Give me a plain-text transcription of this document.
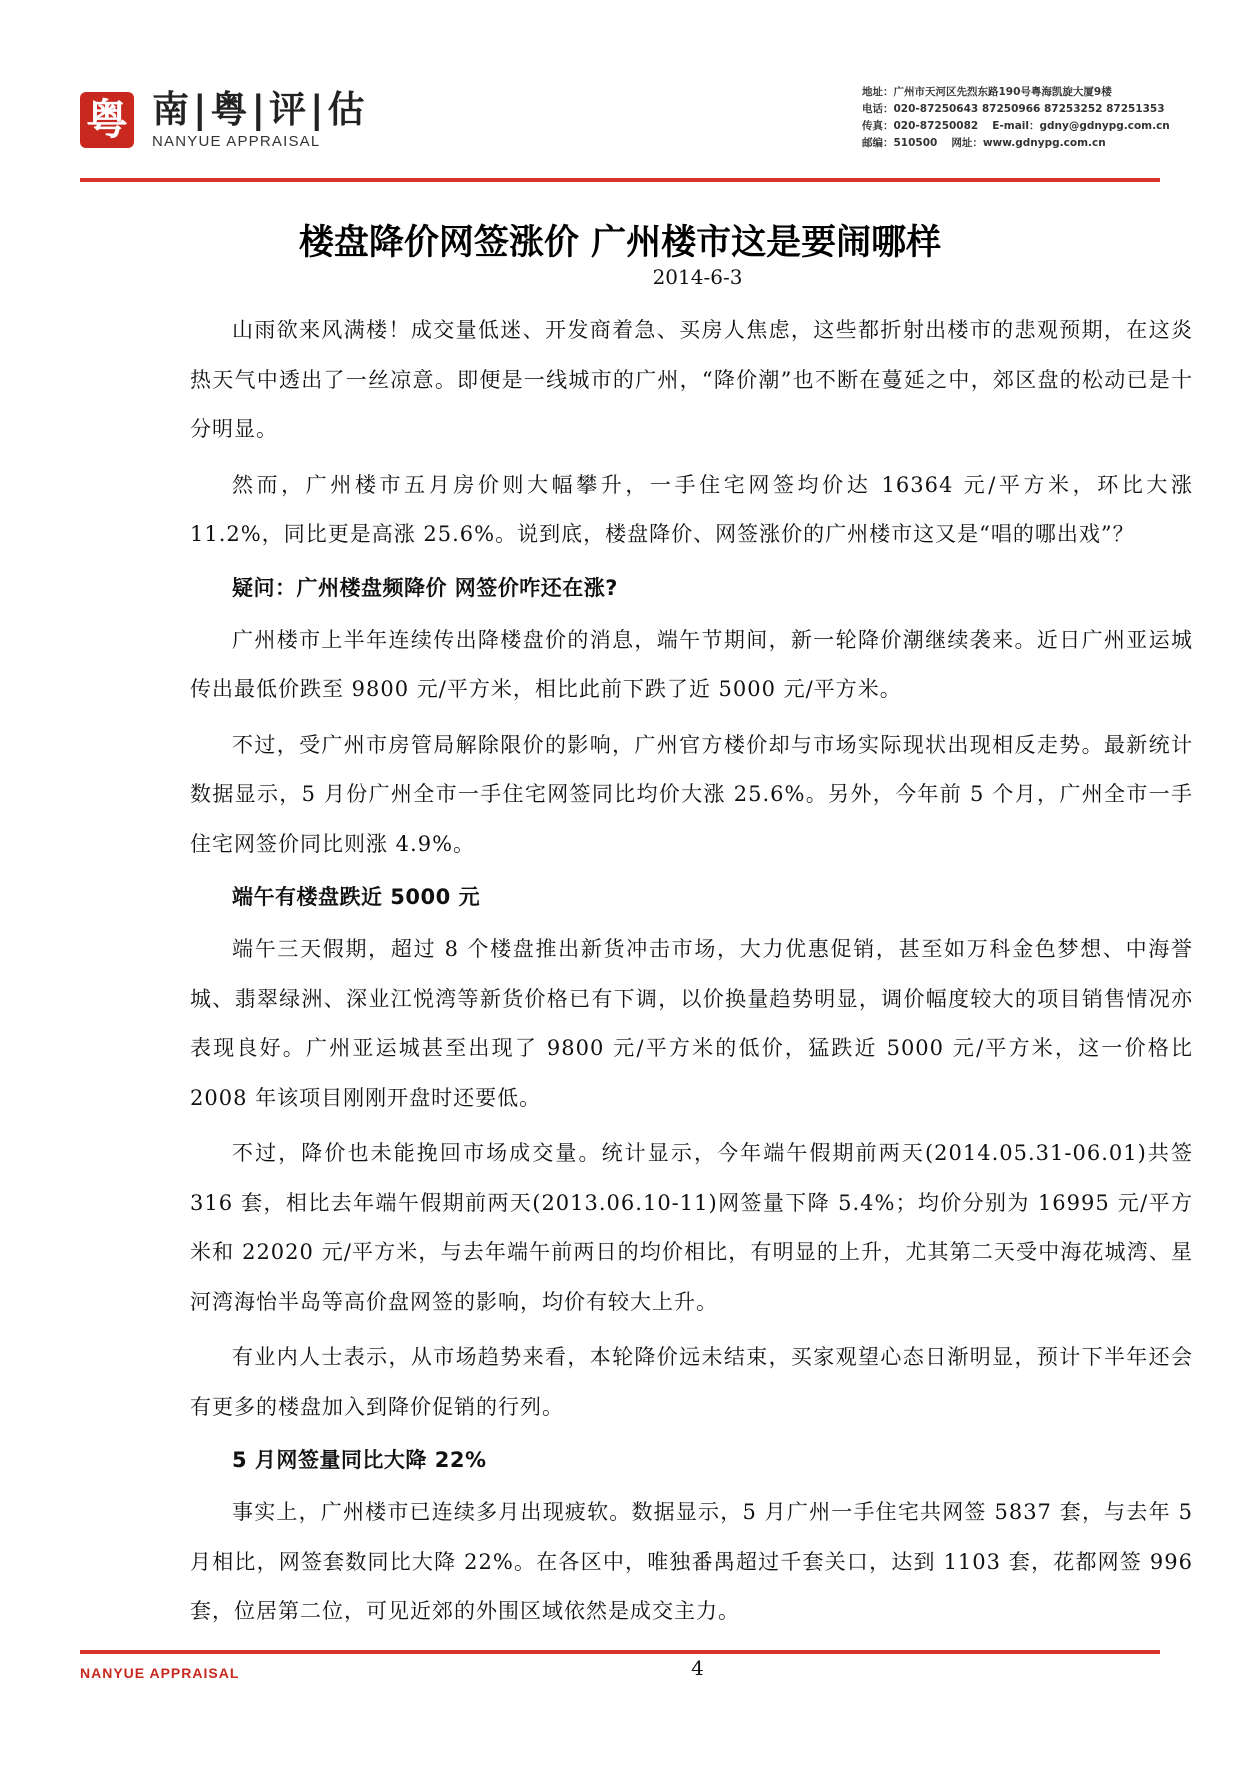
粤 南|粤|评|估
NANYUE APPRAISAL
地址：广州市天河区先烈东路190号粤海凯旋大厦9楼
电话：020-87250643 87250966 87253252 87251353
传真：020-87250082 E-mail：gdny@gdnypg.com.cn
邮编：510500 网址：www.gdnypg.com.cn
楼盘降价网签涨价 广州楼市这是要闹哪样
2014-6-3

山雨欲来风满楼！成交量低迷、开发商着急、买房人焦虑，这些都折射出楼市的悲观预期，在这炎热天气中透出了一丝凉意。即便是一线城市的广州，“降价潮”也不断在蔓延之中，郊区盘的松动已是十分明显。

然而，广州楼市五月房价则大幅攀升，一手住宅网签均价达 16364 元/平方米，环比大涨 11.2%，同比更是高涨 25.6%。说到底，楼盘降价、网签涨价的广州楼市这又是“唱的哪出戏”？

疑问：广州楼盘频降价 网签价咋还在涨?

广州楼市上半年连续传出降楼盘价的消息，端午节期间，新一轮降价潮继续袭来。近日广州亚运城传出最低价跌至 9800 元/平方米，相比此前下跌了近 5000 元/平方米。

不过，受广州市房管局解除限价的影响，广州官方楼价却与市场实际现状出现相反走势。最新统计数据显示，5 月份广州全市一手住宅网签同比均价大涨 25.6%。另外，今年前 5 个月，广州全市一手住宅网签价同比则涨 4.9%。

端午有楼盘跌近 5000 元

端午三天假期，超过 8 个楼盘推出新货冲击市场，大力优惠促销，甚至如万科金色梦想、中海誉城、翡翠绿洲、深业江悦湾等新货价格已有下调，以价换量趋势明显，调价幅度较大的项目销售情况亦表现良好。广州亚运城甚至出现了 9800 元/平方米的低价，猛跌近 5000 元/平方米，这一价格比 2008 年该项目刚刚开盘时还要低。

不过，降价也未能挽回市场成交量。统计显示，今年端午假期前两天(2014.05.31-06.01)共签 316 套，相比去年端午假期前两天(2013.06.10-11)网签量下降 5.4%；均价分别为 16995 元/平方米和 22020 元/平方米，与去年端午前两日的均价相比，有明显的上升，尤其第二天受中海花城湾、星河湾海怡半岛等高价盘网签的影响，均价有较大上升。

有业内人士表示，从市场趋势来看，本轮降价远未结束，买家观望心态日渐明显，预计下半年还会有更多的楼盘加入到降价促销的行列。

5 月网签量同比大降 22%

事实上，广州楼市已连续多月出现疲软。数据显示，5 月广州一手住宅共网签 5837 套，与去年 5 月相比，网签套数同比大降 22%。在各区中，唯独番禺超过千套关口，达到 1103 套，花都网签 996 套，位居第二位，可见近郊的外围区域依然是成交主力。

NANYUE APPRAISAL	4
